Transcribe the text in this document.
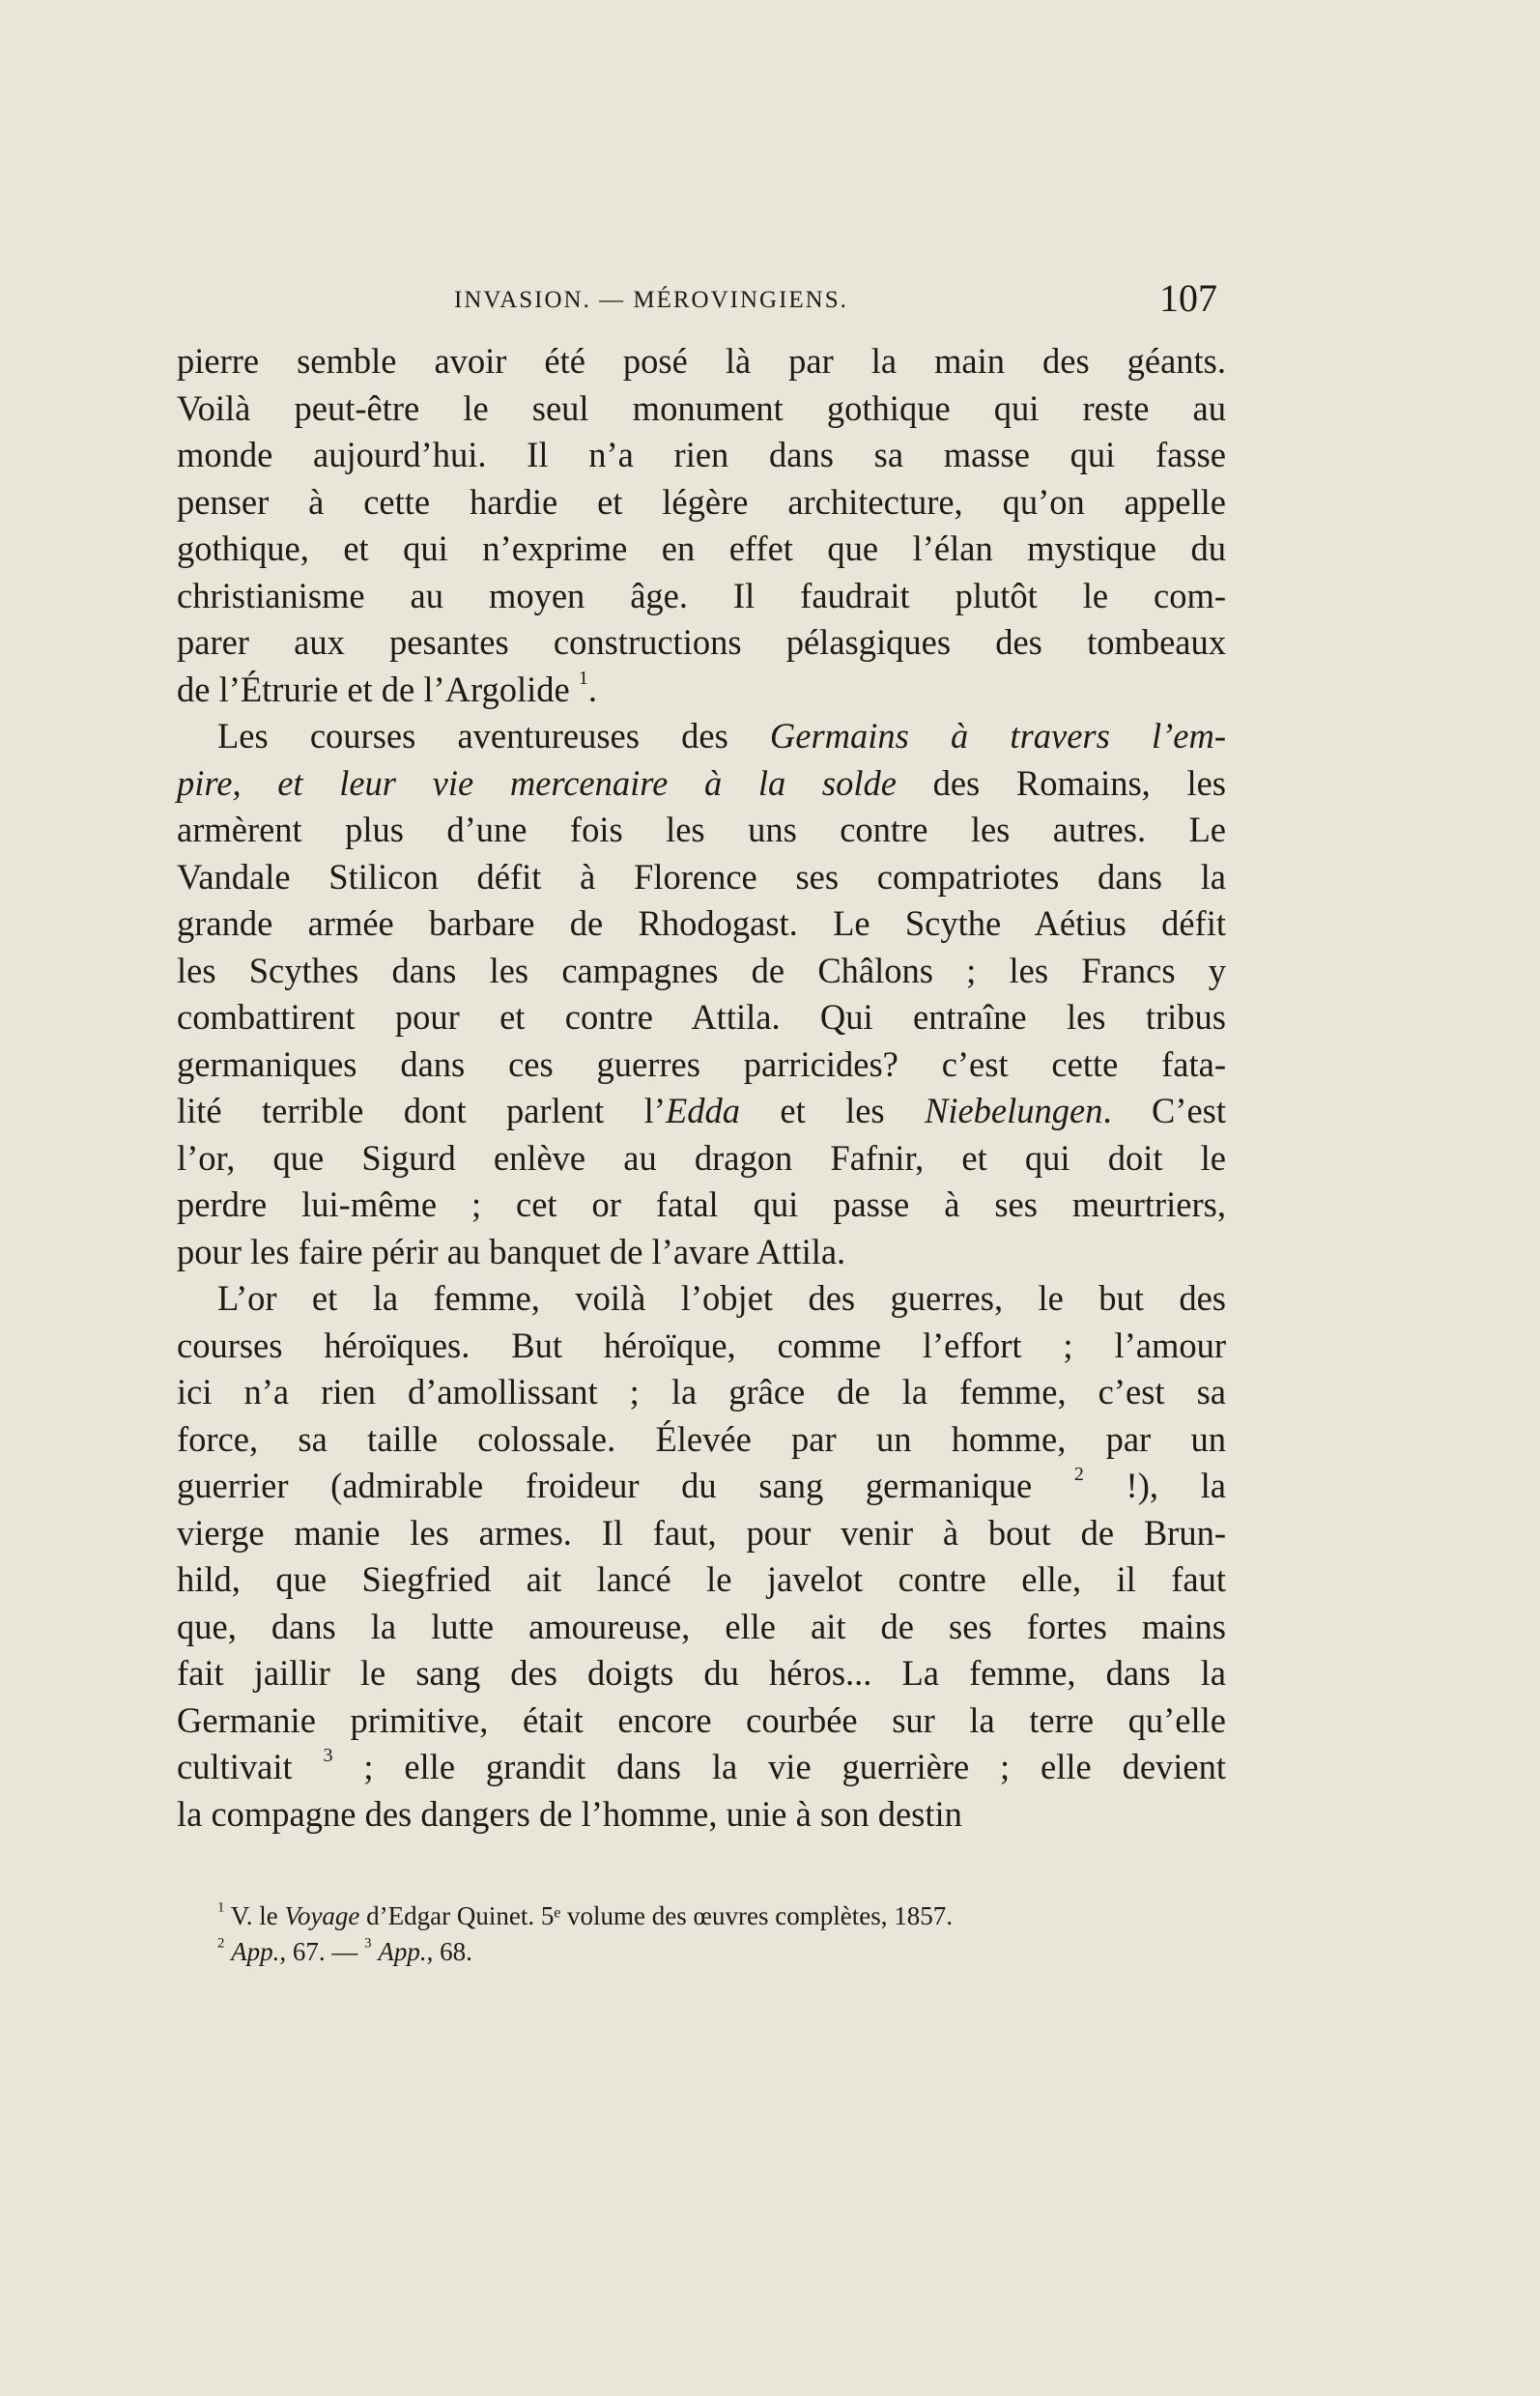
INVASION. — MÉROVINGIENS.	107
pierre semble avoir été posé là par la main des géants.
Voilà peut-être le seul monument gothique qui reste au
monde aujourd’hui. Il n’a rien dans sa masse qui fasse
penser à cette hardie et légère architecture, qu’on appelle
gothique, et qui n’exprime en effet que l’élan mystique du
christianisme au moyen âge. Il faudrait plutôt le com-
parer aux pesantes constructions pélasgiques des tombeaux
de l’Étrurie et de l’Argolide $^1$.
Les courses aventureuses des Germains à travers l’em-
pire, et leur vie mercenaire à la solde des Romains, les
armèrent plus d’une fois les uns contre les autres. Le
Vandale Stilicon défit à Florence ses compatriotes dans la
grande armée barbare de Rhodogast. Le Scythe Aétius défit
les Scythes dans les campagnes de Châlons ; les Francs y
combattirent pour et contre Attila. Qui entraîne les tribus
germaniques dans ces guerres parricides? c’est cette fata-
lité terrible dont parlent l’Edda et les Niebelungen. C’est
l’or, que Sigurd enlève au dragon Fafnir, et qui doit le
perdre lui-même ; cet or fatal qui passe à ses meurtriers,
pour les faire périr au banquet de l’avare Attila.
L’or et la femme, voilà l’objet des guerres, le but des
courses héroïques. But héroïque, comme l’effort ; l’amour
ici n’a rien d’amollissant ; la grâce de la femme, c’est sa
force, sa taille colossale. Élevée par un homme, par un
guerrier (admirable froideur du sang germanique $^2$ !), la
vierge manie les armes. Il faut, pour venir à bout de Brun-
hild, que Siegfried ait lancé le javelot contre elle, il faut
que, dans la lutte amoureuse, elle ait de ses fortes mains
fait jaillir le sang des doigts du héros... La femme, dans la
Germanie primitive, était encore courbée sur la terre qu’elle
cultivait $^3$ ; elle grandit dans la vie guerrière ; elle devient
la compagne des dangers de l’homme, unie à son destin
$^1$ V. le Voyage d’Edgar Quinet. 5ᵉ volume des œuvres complètes, 1857.
$^2$ App., 67. — $^3$ App., 68.
